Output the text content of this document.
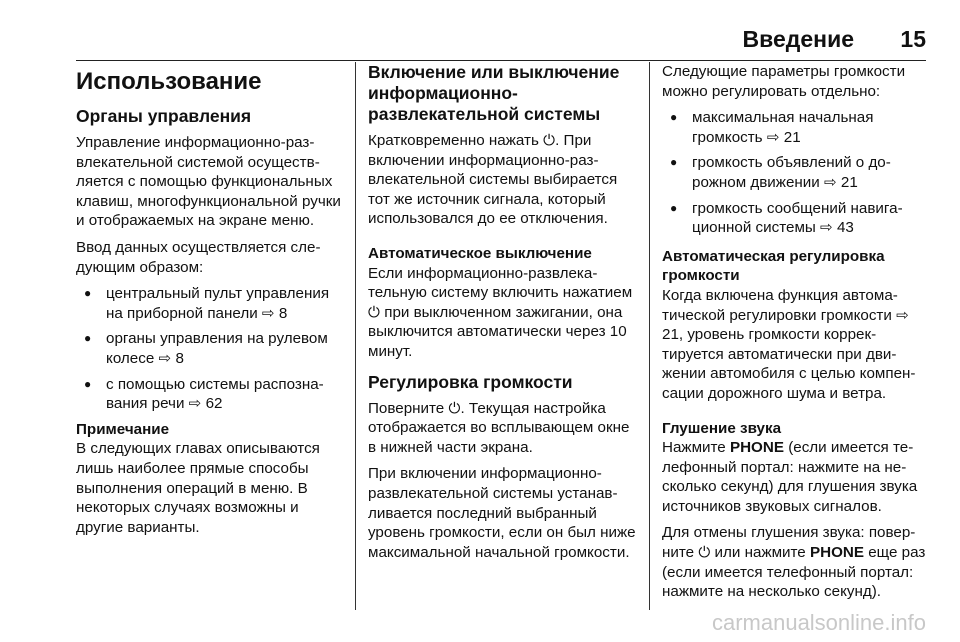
Введение 15
Использование
Органы управления

Управление информационно-развлекательной системой осуществляется с помощью функциональных клавиш, многофункциональной ручки и отображаемых на экране меню.

Ввод данных осуществляется следующим образом:

● центральный пульт управления на приборной панели ⇨ 8
● органы управления на рулевом колесе ⇨ 8
● с помощью системы распознавания речи ⇨ 62
Примечание

В следующих главах описываются лишь наиболее прямые способы выполнения операций в меню. В некоторых случаях возможны и другие варианты.

Включение или выключение информационно-развлекательной системы

Кратковременно нажать ⏻. При включении информационно-развлекательной системы выбирается тот же источник сигнала, который использовался до ее отключения.

Автоматическое выключение

Если информационно-развлекательную систему включить нажатием ⏻ при выключенном зажигании, она выключится автоматически через 10 минут.

Регулировка громкости

Поверните ⏻. Текущая настройка отображается во всплывающем окне в нижней части экрана.

При включении информационно-развлекательной системы устанавливается последний выбранный уровень громкости, если он был ниже максимальной начальной громкости.

Следующие параметры громкости можно регулировать отдельно:

● максимальная начальная громкость ⇨ 21
● громкость объявлений о дорожном движении ⇨ 21
● громкость сообщений навигационной системы ⇨ 43
Автоматическая регулировка громкости

Когда включена функция автоматической регулировки громкости ⇨ 21, уровень громкости корректируется автоматически при движении автомобиля с целью компенсации дорожного шума и ветра.

Глушение звука

Нажмите PHONE (если имеется телефонный портал: нажмите на несколько секунд) для глушения звука источников звуковых сигналов.

Для отмены глушения звука: поверните ⏻ или нажмите PHONE еще раз (если имеется телефонный портал: нажмите на несколько секунд).

carmanualsonline.info
